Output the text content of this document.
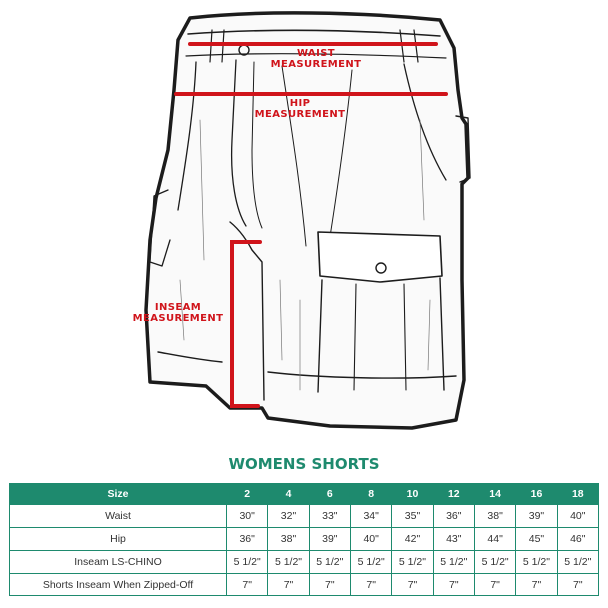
WAIST
MEASUREMENT
HIP
MEASUREMENT
INSEAM
MEASUREMENT
WOMENS SHORTS
Size	2	4	6	8	10	12	14	16	18
Waist	30"	32"	33"	34"	35"	36"	38"	39"	40"
Hip	36"	38"	39"	40"	42"	43"	44"	45"	46"
Inseam LS-CHINO	5 1/2"	5 1/2"	5 1/2"	5 1/2"	5 1/2"	5 1/2"	5 1/2"	5 1/2"	5 1/2"
Shorts Inseam When Zipped-Off	7"	7"	7"	7"	7"	7"	7"	7"	7"
